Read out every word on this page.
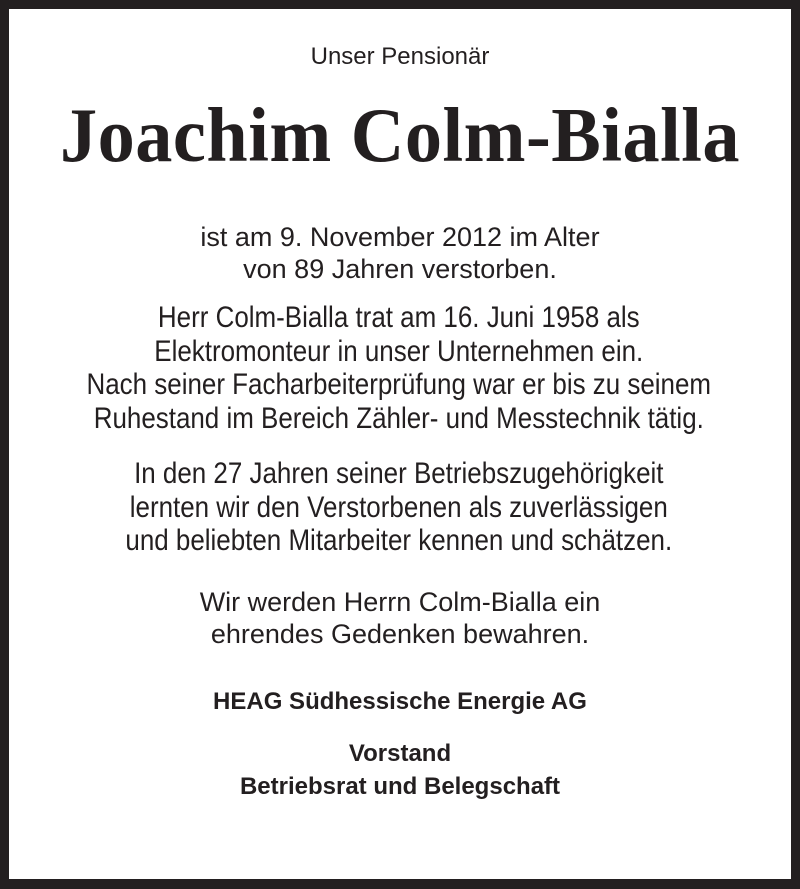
Unser Pensionär
Joachim Colm-Bialla
ist am 9. November 2012 im Alter
von 89 Jahren verstorben.
Herr Colm-Bialla trat am 16. Juni 1958 als
Elektromonteur in unser Unternehmen ein.
Nach seiner Facharbeiterprüfung war er bis zu seinem
Ruhestand im Bereich Zähler- und Messtechnik tätig.
In den 27 Jahren seiner Betriebszugehörigkeit
lernten wir den Verstorbenen als zuverlässigen
und beliebten Mitarbeiter kennen und schätzen.
Wir werden Herrn Colm-Bialla ein
ehrendes Gedenken bewahren.
HEAG Südhessische Energie AG
Vorstand
Betriebsrat und Belegschaft
